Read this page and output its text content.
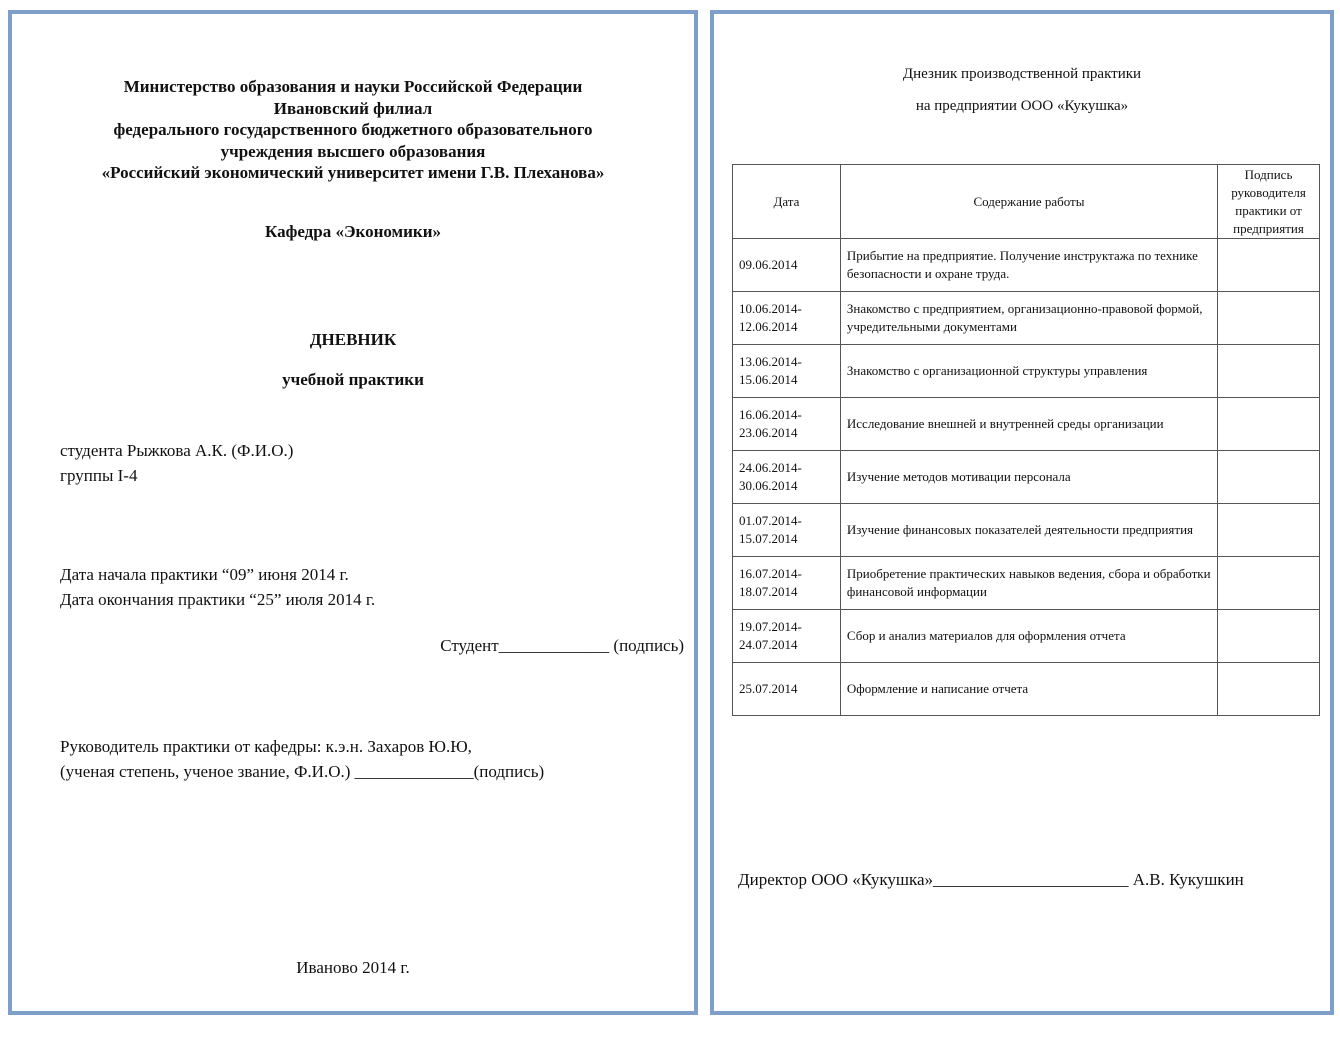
Министерство образования и науки Российской Федерации
Ивановский филиал
федерального государственного бюджетного образовательного
учреждения высшего образования
«Российский экономический университет имени Г.В. Плеханова»
Кафедра «Экономики»
ДНЕВНИК
учебной практики
студента Рыжкова А.К. (Ф.И.О.)
группы I-4
Дата начала практики “09” июня 2014 г.
Дата окончания практики “25” июля 2014 г.
Студент_____________ (подпись)
Руководитель практики от кафедры: к.э.н. Захаров Ю.Ю,
(ученая степень, ученое звание, Ф.И.О.) ______________(подпись)
Иваново 2014 г.
Днезник производственной практики
на предприятии ООО «Кукушка»
Дата	Содержание работы	Подпись руководителя практики от предприятия
09.06.2014	Прибытие на предприятие. Получение инструктажа по технике безопасности и охране труда.	
10.06.2014-12.06.2014	Знакомство с предприятием, организационно-правовой формой, учредительными документами	
13.06.2014-15.06.2014	Знакомство с организационной структуры управления	
16.06.2014-23.06.2014	Исследование внешней и внутренней среды организации	
24.06.2014-30.06.2014	Изучение методов мотивации персонала	
01.07.2014-15.07.2014	Изучение финансовых показателей деятельности предприятия	
16.07.2014-18.07.2014	Приобретение практических навыков ведения, сбора и обработки финансовой информации	
19.07.2014-24.07.2014	Сбор и анализ материалов для оформления отчета	
25.07.2014	Оформление и написание отчета	
Директор ООО «Кукушка»_______________________ А.В. Кукушкин
